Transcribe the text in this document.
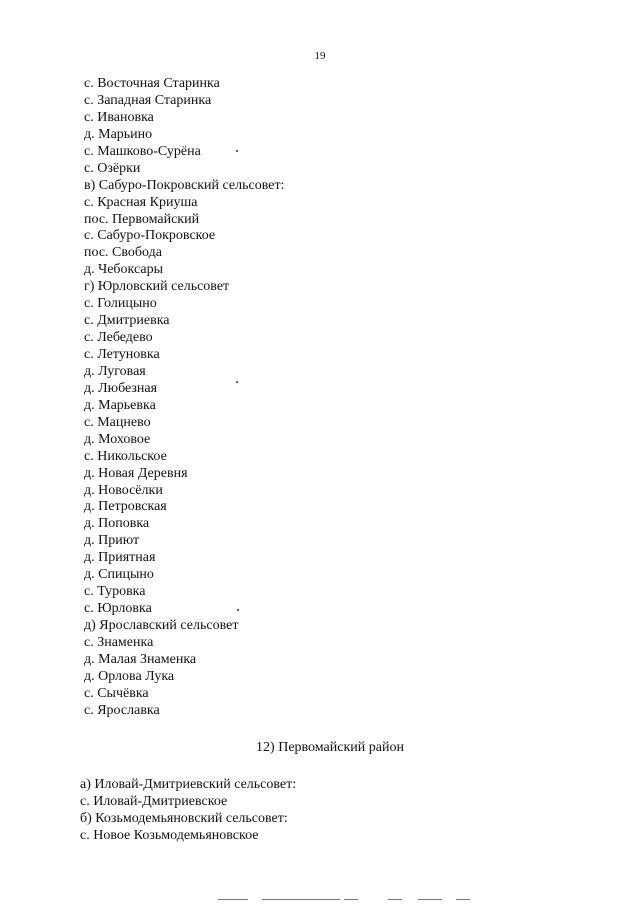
19
с. Восточная Старинка
с. Западная Старинка
с. Ивановка
д. Марьино
с. Машково-Сурёна
с. Озёрки
в) Сабуро-Покровский сельсовет:
с. Красная Криуша
пос. Первомайский
с. Сабуро-Покровское
пос. Свобода
д. Чебоксары
г) Юрловский сельсовет
с. Голицыно
с. Дмитриевка
с. Лебедево
с. Летуновка
д. Луговая
д. Любезная
д. Марьевка
с. Мацнево
д. Моховое
с. Никольское
д. Новая Деревня
д. Новосёлки
д. Петровская
д. Поповка
д. Приют
д. Приятная
д. Спицыно
с. Туровка
с. Юрловка
д) Ярославский сельсовет
с. Знаменка
д. Малая Знаменка
д. Орлова Лука
с. Сычёвка
с. Ярославка
12) Первомайский район
а) Иловай-Дмитриевский сельсовет:
с. Иловай-Дмитриевское
б) Козьмодемьяновский сельсовет:
с. Новое Козьмодемьяновское
